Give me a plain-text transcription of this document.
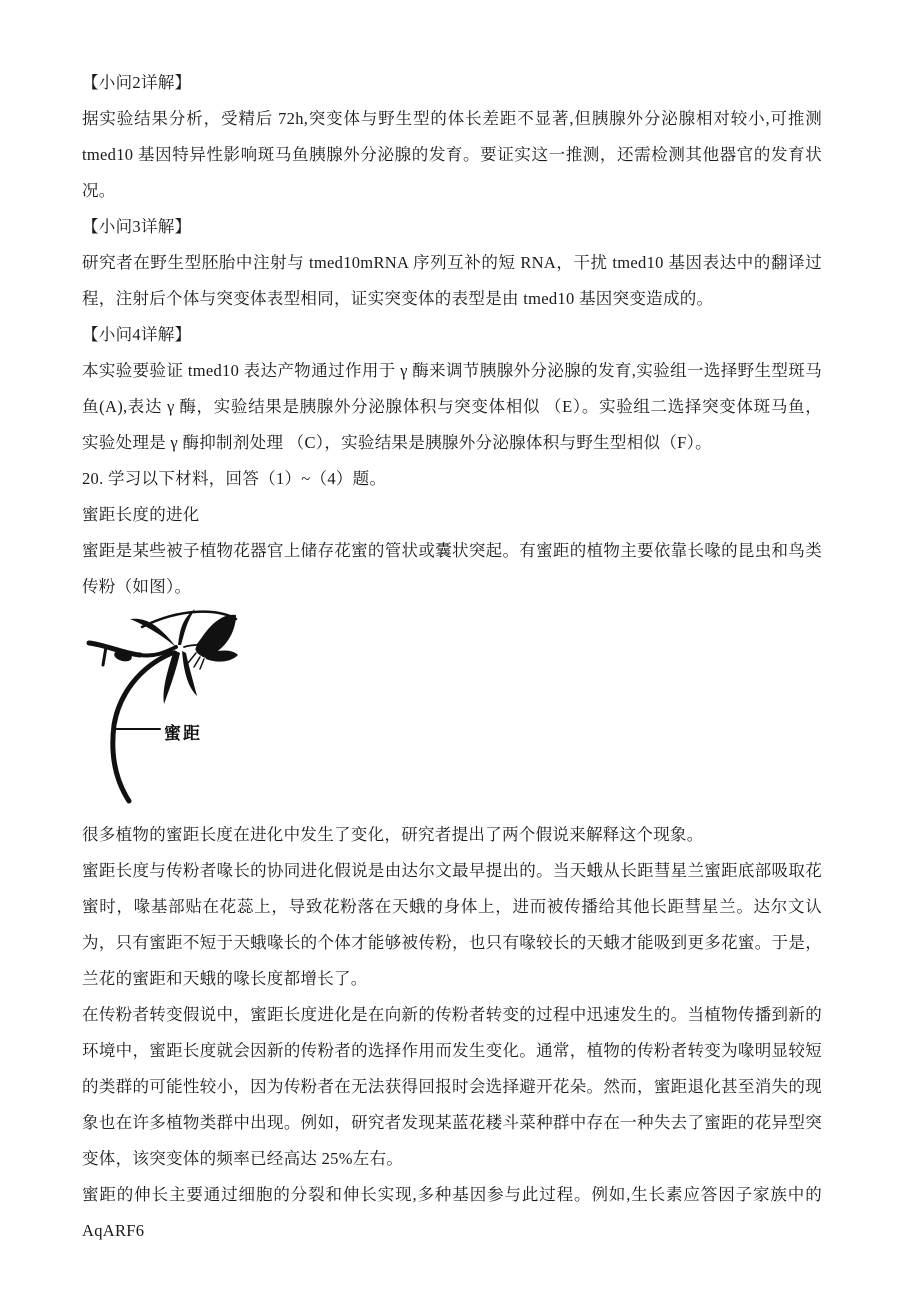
【小问2详解】

据实验结果分析，受精后 72h,突变体与野生型的体长差距不显著,但胰腺外分泌腺相对较小,可推测 tmed10 基因特异性影响斑马鱼胰腺外分泌腺的发育。要证实这一推测，还需检测其他器官的发育状况。

【小问3详解】

研究者在野生型胚胎中注射与 tmed10mRNA 序列互补的短 RNA，干扰 tmed10 基因表达中的翻译过程，注射后个体与突变体表型相同，证实突变体的表型是由 tmed10 基因突变造成的。

【小问4详解】

本实验要验证 tmed10 表达产物通过作用于 γ 酶来调节胰腺外分泌腺的发育,实验组一选择野生型斑马鱼(A),表达 γ 酶，实验结果是胰腺外分泌腺体积与突变体相似 （E）。实验组二选择突变体斑马鱼，实验处理是 γ 酶抑制剂处理 （C），实验结果是胰腺外分泌腺体积与野生型相似（F）。

20. 学习以下材料，回答（1）~（4）题。

蜜距长度的进化

蜜距是某些被子植物花器官上储存花蜜的管状或囊状突起。有蜜距的植物主要依靠长喙的昆虫和鸟类传粉（如图）。

蜜距

很多植物的蜜距长度在进化中发生了变化，研究者提出了两个假说来解释这个现象。

蜜距长度与传粉者喙长的协同进化假说是由达尔文最早提出的。当天蛾从长距彗星兰蜜距底部吸取花蜜时，喙基部贴在花蕊上，导致花粉落在天蛾的身体上，进而被传播给其他长距彗星兰。达尔文认为，只有蜜距不短于天蛾喙长的个体才能够被传粉，也只有喙较长的天蛾才能吸到更多花蜜。于是，兰花的蜜距和天蛾的喙长度都增长了。

在传粉者转变假说中，蜜距长度进化是在向新的传粉者转变的过程中迅速发生的。当植物传播到新的环境中，蜜距长度就会因新的传粉者的选择作用而发生变化。通常，植物的传粉者转变为喙明显较短的类群的可能性较小，因为传粉者在无法获得回报时会选择避开花朵。然而，蜜距退化甚至消失的现象也在许多植物类群中出现。例如，研究者发现某蓝花耧斗菜种群中存在一种失去了蜜距的花异型突变体，该突变体的频率已经高达 25%左右。

蜜距的伸长主要通过细胞的分裂和伸长实现,多种基因参与此过程。例如,生长素应答因子家族中的 AqARF6
